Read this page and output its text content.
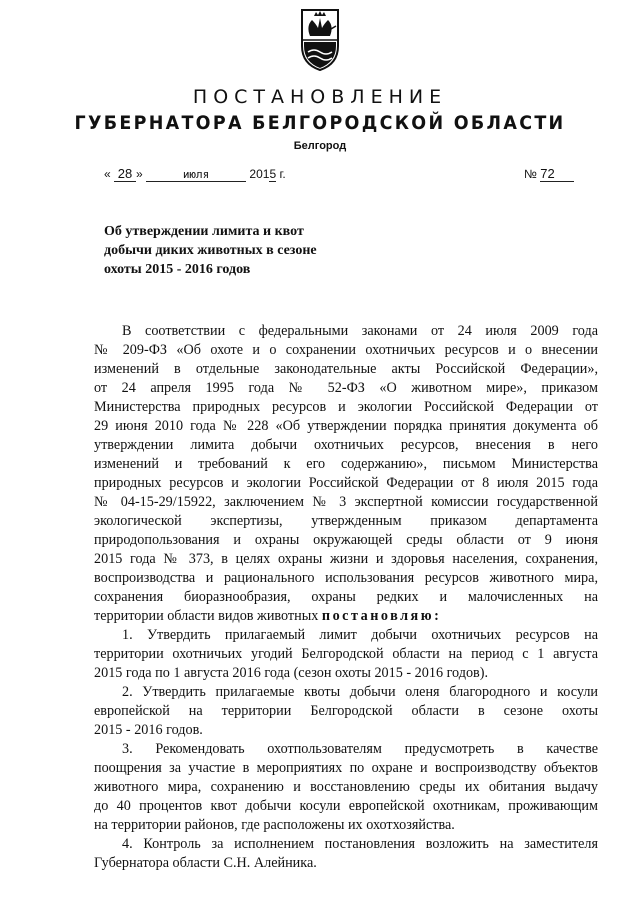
ПОСТАНОВЛЕНИЕ
ГУБЕРНАТОРА БЕЛГОРОДСКОЙ ОБЛАСТИ
Белгород
« 28 »	июля	2015 г.	№ 72
Об утверждении лимита и квот
добычи диких животных в сезоне
охоты 2015 - 2016 годов
В соответствии с федеральными законами от 24 июля 2009 года
№ 209-ФЗ «Об охоте и о сохранении охотничьих ресурсов и о внесении
изменений в отдельные законодательные акты Российской Федерации»,
от 24 апреля 1995 года № 52-ФЗ «О животном мире», приказом
Министерства природных ресурсов и экологии Российской Федерации от
29 июня 2010 года № 228 «Об утверждении порядка принятия документа об
утверждении лимита добычи охотничьих ресурсов, внесения в него
изменений и требований к его содержанию», письмом Министерства
природных ресурсов и экологии Российской Федерации от 8 июля 2015 года
№ 04-15-29/15922, заключением № 3 экспертной комиссии государственной
экологической экспертизы, утвержденным приказом департамента
природопользования и охраны окружающей среды области от 9 июня
2015 года № 373, в целях охраны жизни и здоровья населения, сохранения,
воспроизводства и рационального использования ресурсов животного мира,
сохранения биоразнообразия, охраны редких и малочисленных на
территории области видов животных постановляю:
1. Утвердить прилагаемый лимит добычи охотничьих ресурсов на
территории охотничьих угодий Белгородской области на период с 1 августа
2015 года по 1 августа 2016 года (сезон охоты 2015 - 2016 годов).
2. Утвердить прилагаемые квоты добычи оленя благородного и косули
европейской на территории Белгородской области в сезоне охоты
2015 - 2016 годов.
3. Рекомендовать охотпользователям предусмотреть в качестве
поощрения за участие в мероприятиях по охране и воспроизводству объектов
животного мира, сохранению и восстановлению среды их обитания выдачу
до 40 процентов квот добычи косули европейской охотникам, проживающим
на территории районов, где расположены их охотхозяйства.
4. Контроль за исполнением постановления возложить на заместителя
Губернатора области С.Н. Алейника.
